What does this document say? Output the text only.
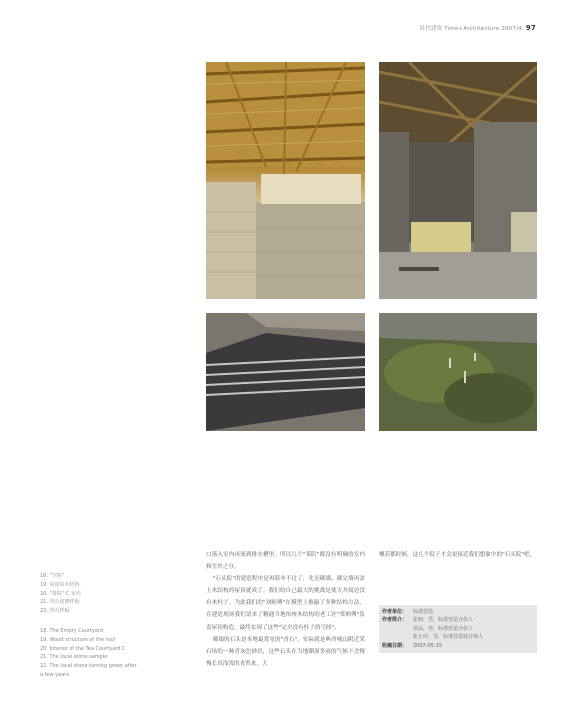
时代建筑 Time+Architecture 2007/4 97
18. "空院"
19. 屋顶的木结构
20. "茶院" C 室内
21. 青石切割样板
22. 青石样板
18. The Empty Courtyard
19. Wood structure of the roof
20. Interior of the Tea Courtyard C
21. The local stone sample
22. The local stone turning green after
a few years

口落入室内再流到排水槽里。所以几个"茶院"都没有明确的室内和室外之分。

"石头院"的建造程序是再简单不过了，先是砌墙，砌完墙再盖上木结构的屋顶就成了。我们给自己最大的挑战是使天井周边没有木柱子。为此我们的"刘师傅"在模型上推敲了多种结构方法，在建造现场我们请来了精通当地传统木结构的老工匠"梁师傅"负责屋顶构造，最终实现了这些"完全没有柱子的空间"。

砌墙的石头是本地最常见的"青石"，实际就是典青城山附近采石场的一种青灰色砂岩，这些石头在当地潮湿多雨的气候下会慢慢长出浅浅的青苔来，大

概若都时候，这几个院子才会更接近我们想象中的"石头院"吧。

作者单位：	标准营造
作者简介：	张轲，男，标准营造合伙人
侯品，男，标准营造合伙人
张止中，男，标准营造设计师人
收稿日期：	2007-05-15
